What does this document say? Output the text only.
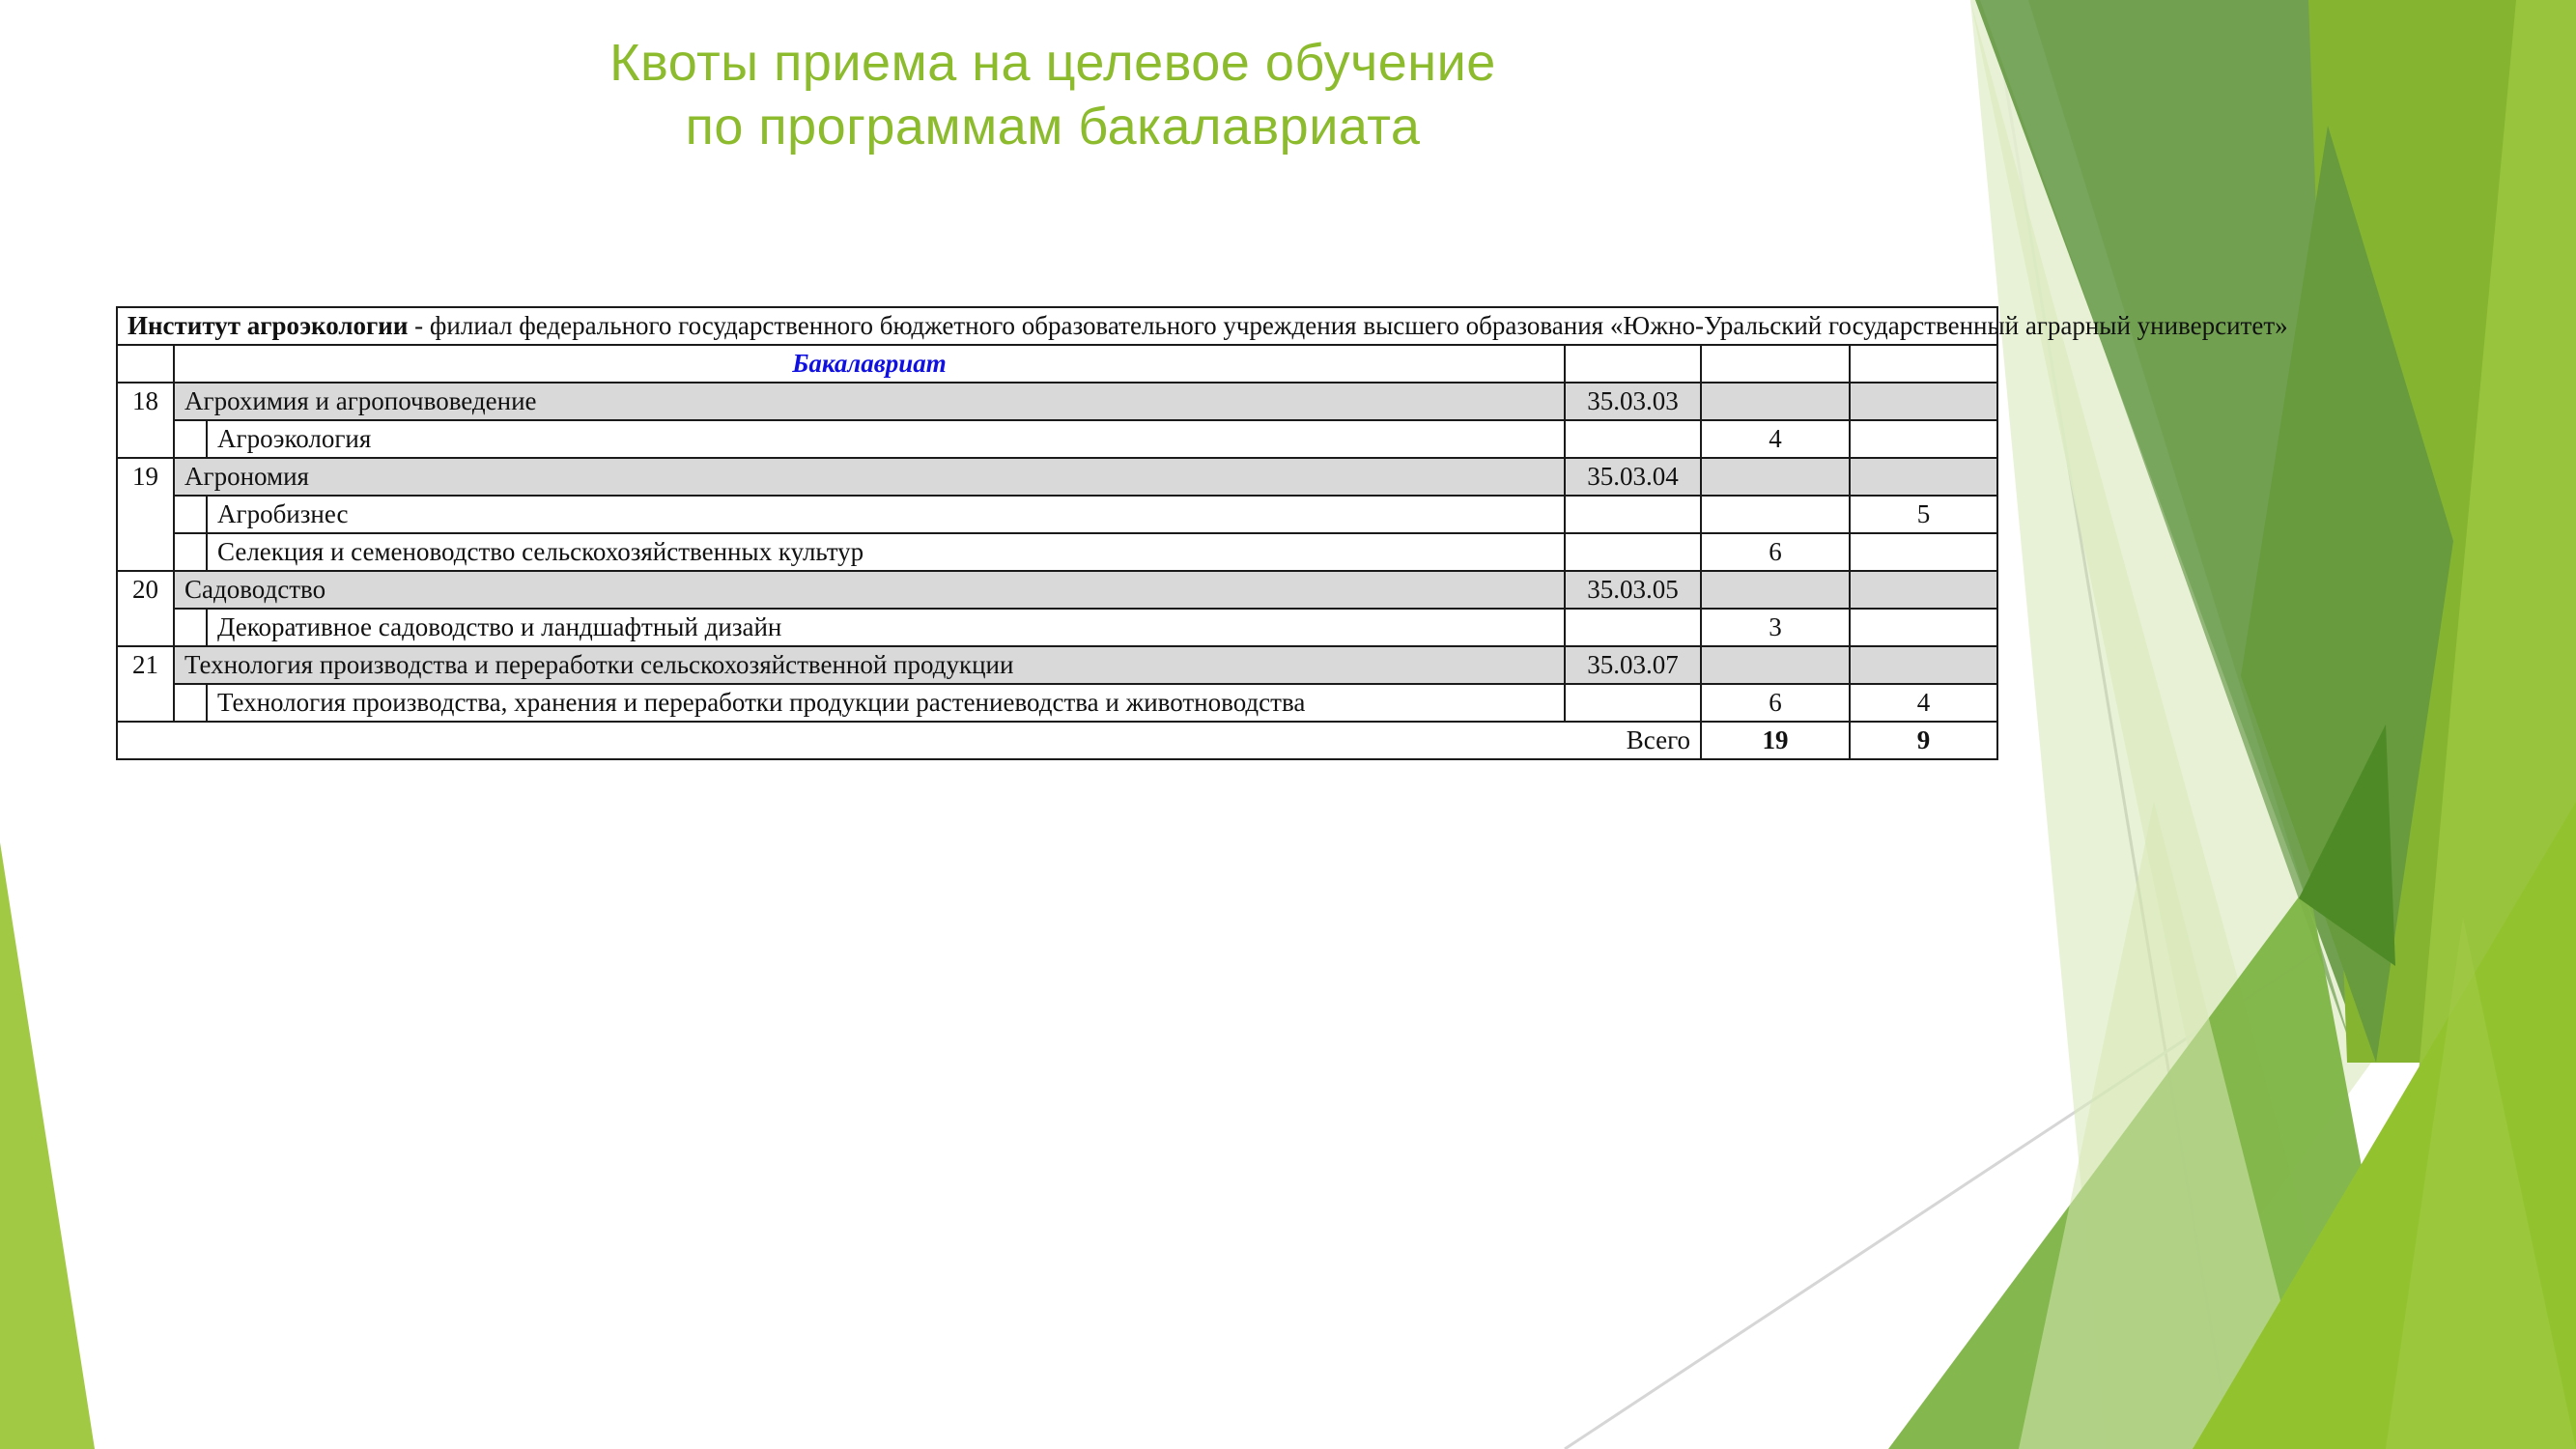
Квоты приема на целевое обучение
по программам бакалавриата
Институт агроэкологии - филиал федерального государственного бюджетного образовательного учреждения высшего образования «Южно-Уральский государственный аграрный университет»					
	Бакалавриат				
18	Агрохимия и агропочвоведение		35.03.03		
		Агроэкология		4	
19	Агрономия		35.03.04		
		Агробизнес			5
		Селекция и семеноводство сельскохозяйственных культур		6	
20	Садоводство		35.03.05		
		Декоративное садоводство и ландшафтный дизайн		3	
21	Технология производства и переработки сельскохозяйственной продукции		35.03.07		
		Технология производства, хранения и переработки продукции растениеводства и животноводства		6	4
Всего				19	9
